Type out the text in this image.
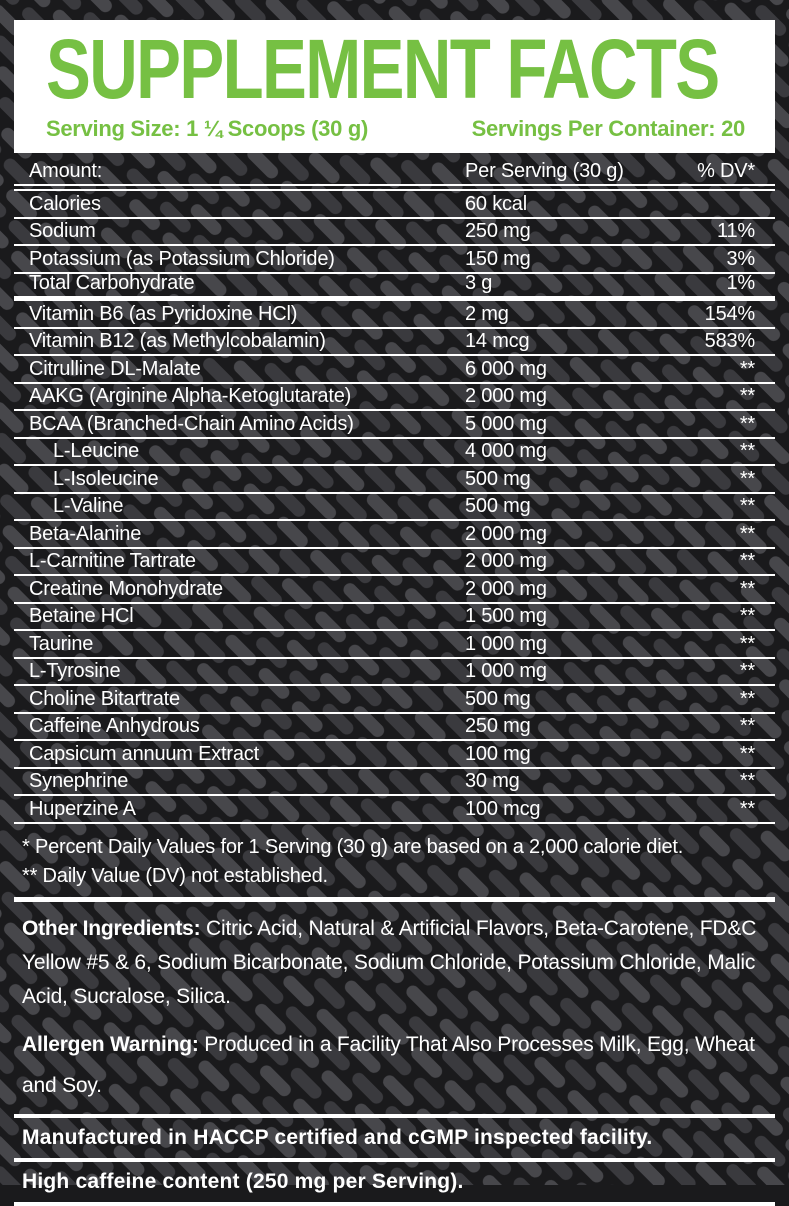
SUPPLEMENT FACTS
Serving Size: 1 ¼ Scoops (30 g)	Servings Per Container: 20
Amount:	Per Serving (30 g)	% DV*
Calories	60 kcal
Sodium	250 mg	11%
Potassium (as Potassium Chloride)	150 mg	3%
Total Carbohydrate	3 g	1%
Vitamin B6 (as Pyridoxine HCl)	2 mg	154%
Vitamin B12 (as Methylcobalamin)	14 mcg	583%
Citrulline DL-Malate	6 000 mg	**
AAKG (Arginine Alpha-Ketoglutarate)	2 000 mg	**
BCAA (Branched-Chain Amino Acids)	5 000 mg	**
L-Leucine	4 000 mg	**
L-Isoleucine	500 mg	**
L-Valine	500 mg	**
Beta-Alanine	2 000 mg	**
L-Carnitine Tartrate	2 000 mg	**
Creatine Monohydrate	2 000 mg	**
Betaine HCl	1 500 mg	**
Taurine	1 000 mg	**
L-Tyrosine	1 000 mg	**
Choline Bitartrate	500 mg	**
Caffeine Anhydrous	250 mg	**
Capsicum annuum Extract	100 mg	**
Synephrine	30 mg	**
Huperzine A	100 mcg	**

* Percent Daily Values for 1 Serving (30 g) are based on a 2,000 calorie diet.

** Daily Value (DV) not established.

Other Ingredients: Citric Acid, Natural & Artificial Flavors, Beta-Carotene, FD&C Yellow #5 & 6, Sodium Bicarbonate, Sodium Chloride, Potassium Chloride, Malic Acid, Sucralose, Silica.

Allergen Warning: Produced in a Facility That Also Processes Milk, Egg, Wheat and Soy.

Manufactured in HACCP certified and cGMP inspected facility.

High caffeine content (250 mg per Serving).
